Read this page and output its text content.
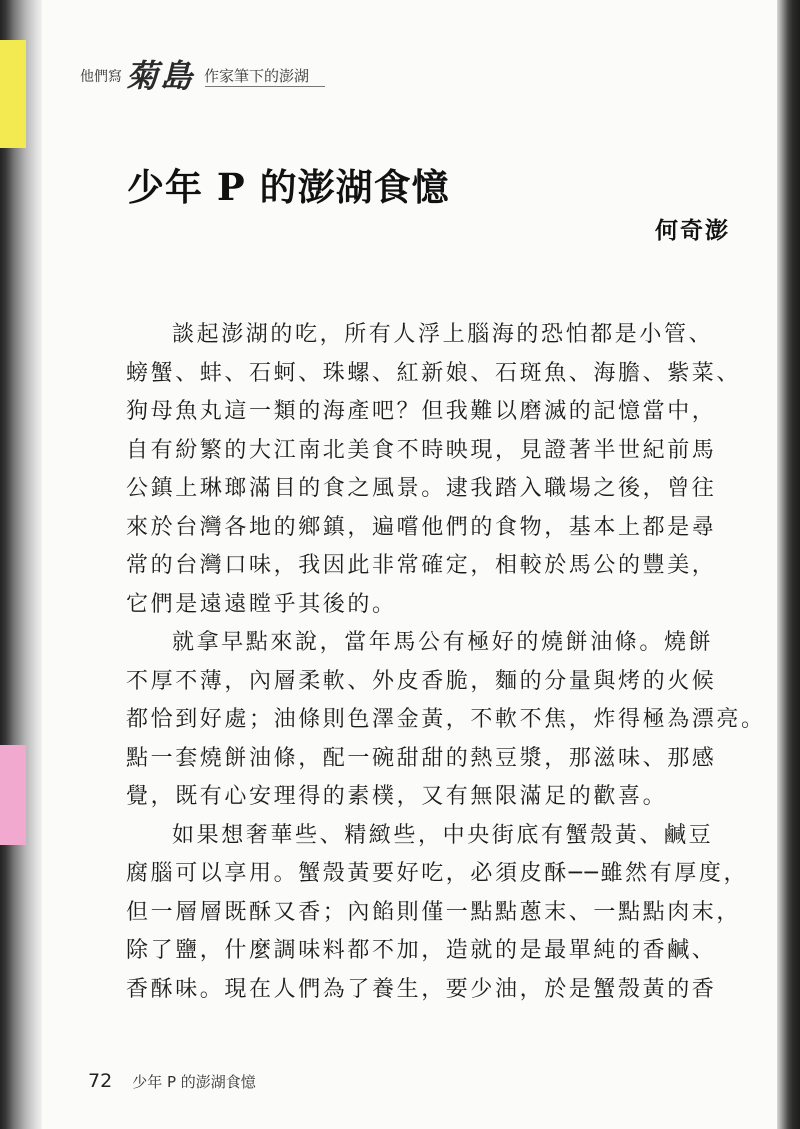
他們寫 菊島 作家筆下的澎湖
少年 P 的澎湖食憶
何奇澎
談起澎湖的吃，所有人浮上腦海的恐怕都是小管、
螃蟹、蚌、石蚵、珠螺、紅新娘、石斑魚、海膽、紫菜、
狗母魚丸這一類的海產吧？但我難以磨滅的記憶當中，
自有紛繁的大江南北美食不時映現，見證著半世紀前馬
公鎮上琳瑯滿目的食之風景。逮我踏入職場之後，曾往
來於台灣各地的鄉鎮，遍嚐他們的食物，基本上都是尋
常的台灣口味，我因此非常確定，相較於馬公的豐美，
它們是遠遠瞠乎其後的。
就拿早點來說，當年馬公有極好的燒餅油條。燒餅
不厚不薄，內層柔軟、外皮香脆，麵的分量與烤的火候
都恰到好處；油條則色澤金黃，不軟不焦，炸得極為漂亮。
點一套燒餅油條，配一碗甜甜的熱豆漿，那滋味、那感
覺，既有心安理得的素樸，又有無限滿足的歡喜。
如果想奢華些、精緻些，中央街底有蟹殼黃、鹹豆
腐腦可以享用。蟹殼黃要好吃，必須皮酥──雖然有厚度，
但一層層既酥又香；內餡則僅一點點蔥末、一點點肉末，
除了鹽，什麼調味料都不加，造就的是最單純的香鹹、
香酥味。現在人們為了養生，要少油，於是蟹殼黃的香
72 少年 P 的澎湖食憶
